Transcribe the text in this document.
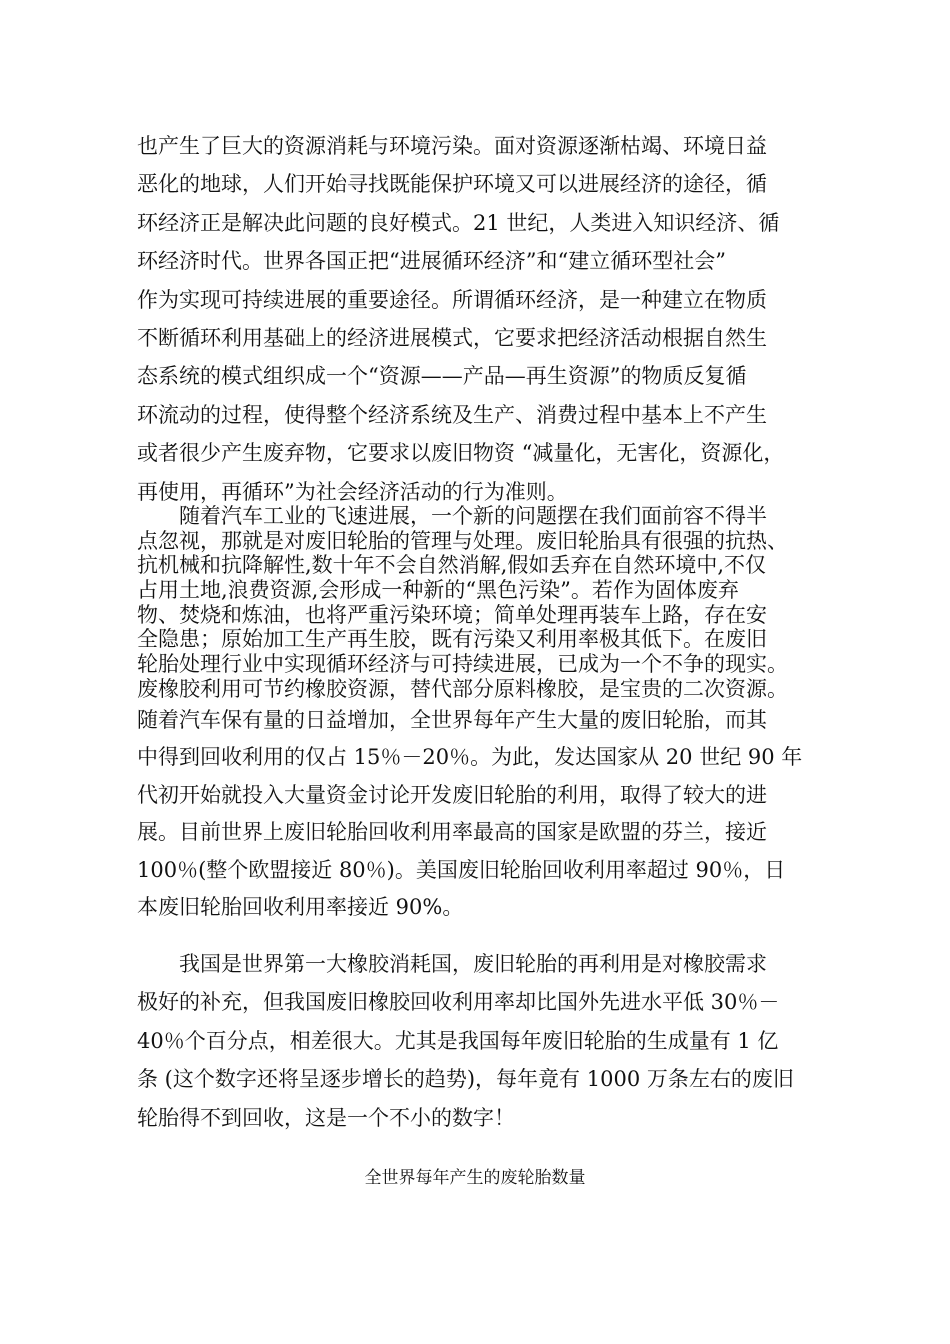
也产生了巨大的资源消耗与环境污染。面对资源逐渐枯竭、环境日益
恶化的地球，人们开始寻找既能保护环境又可以进展经济的途径，循
环经济正是解决此问题的良好模式。21 世纪，人类进入知识经济、循
环经济时代。世界各国正把“进展循环经济”和“建立循环型社会”
作为实现可持续进展的重要途径。所谓循环经济，是一种建立在物质
不断循环利用基础上的经济进展模式，它要求把经济活动根据自然生
态系统的模式组织成一个“资源——产品—再生资源”的物质反复循
环流动的过程，使得整个经济系统及生产、消费过程中基本上不产生
或者很少产生废弃物，它要求以废旧物资 “减量化，无害化，资源化，
再使用，再循环”为社会经济活动的行为准则。
随着汽车工业的飞速进展，一个新的问题摆在我们面前容不得半
点忽视，那就是对废旧轮胎的管理与处理。废旧轮胎具有很强的抗热、
抗机械和抗降解性,数十年不会自然消解,假如丢弃在自然环境中,不仅
占用土地,浪费资源,会形成一种新的“黑色污染”。若作为固体废弃
物、焚烧和炼油，也将严重污染环境；简单处理再装车上路，存在安
全隐患；原始加工生产再生胶，既有污染又利用率极其低下。在废旧
轮胎处理行业中实现循环经济与可持续进展，已成为一个不争的现实。
废橡胶利用可节约橡胶资源，替代部分原料橡胶，是宝贵的二次资源。
随着汽车保有量的日益增加，全世界每年产生大量的废旧轮胎，而其
中得到回收利用的仅占 15％－20％。为此，发达国家从 20 世纪 90 年
代初开始就投入大量资金讨论开发废旧轮胎的利用，取得了较大的进
展。目前世界上废旧轮胎回收利用率最高的国家是欧盟的芬兰，接近
100％(整个欧盟接近 80％)。美国废旧轮胎回收利用率超过 90％，日
本废旧轮胎回收利用率接近 90%。
我国是世界第一大橡胶消耗国，废旧轮胎的再利用是对橡胶需求
极好的补充，但我国废旧橡胶回收利用率却比国外先进水平低 30％－
40％个百分点，相差很大。尤其是我国每年废旧轮胎的生成量有 1 亿
条 (这个数字还将呈逐步增长的趋势)，每年竟有 1000 万条左右的废旧
轮胎得不到回收，这是一个不小的数字！
全世界每年产生的废轮胎数量
